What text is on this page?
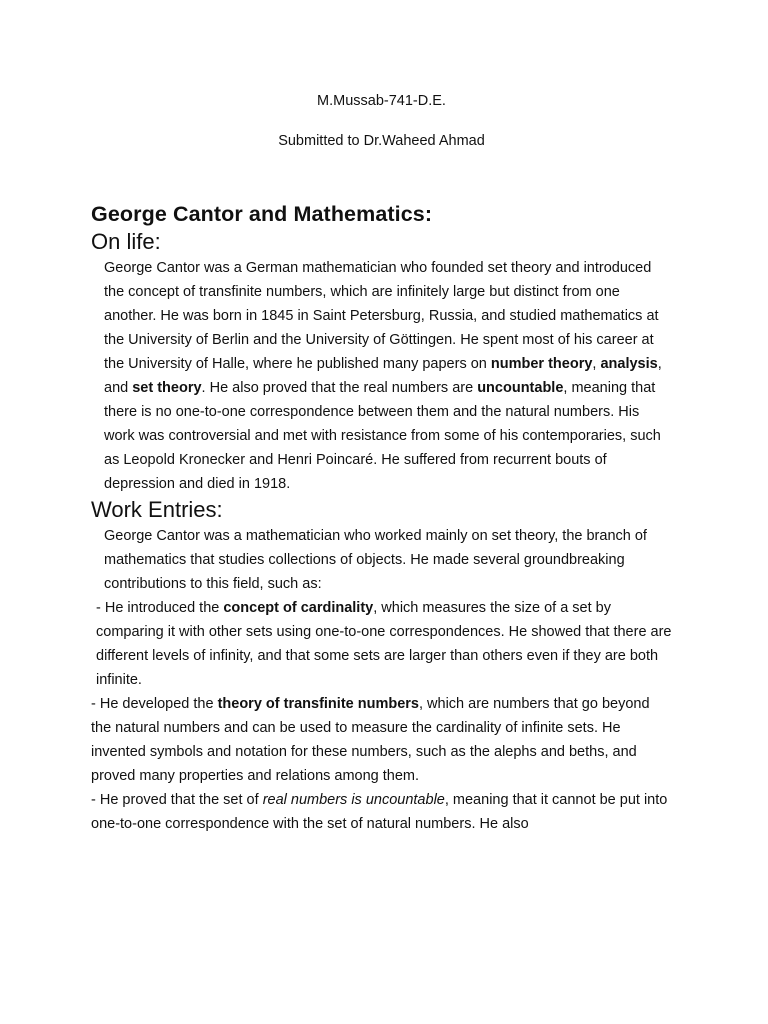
M.Mussab-741-D.E.

Submitted to Dr.Waheed Ahmad

George Cantor and Mathematics:
On life:

George Cantor was a German mathematician who founded set theory and introduced the concept of transfinite numbers, which are infinitely large but distinct from one another. He was born in 1845 in Saint Petersburg, Russia, and studied mathematics at the University of Berlin and the University of Göttingen. He spent most of his career at the University of Halle, where he published many papers on number theory, analysis, and set theory. He also proved that the real numbers are uncountable, meaning that there is no one-to-one correspondence between them and the natural numbers. His work was controversial and met with resistance from some of his contemporaries, such as Leopold Kronecker and Henri Poincaré. He suffered from recurrent bouts of depression and died in 1918.

Work Entries:

George Cantor was a mathematician who worked mainly on set theory, the branch of mathematics that studies collections of objects. He made several groundbreaking contributions to this field, such as:

- He introduced the concept of cardinality, which measures the size of a set by comparing it with other sets using one-to-one correspondences. He showed that there are different levels of infinity, and that some sets are larger than others even if they are both infinite.

- He developed the theory of transfinite numbers, which are numbers that go beyond the natural numbers and can be used to measure the cardinality of infinite sets. He invented symbols and notation for these numbers, such as the alephs and beths, and proved many properties and relations among them.

- He proved that the set of real numbers is uncountable, meaning that it cannot be put into one-to-one correspondence with the set of natural numbers. He also
